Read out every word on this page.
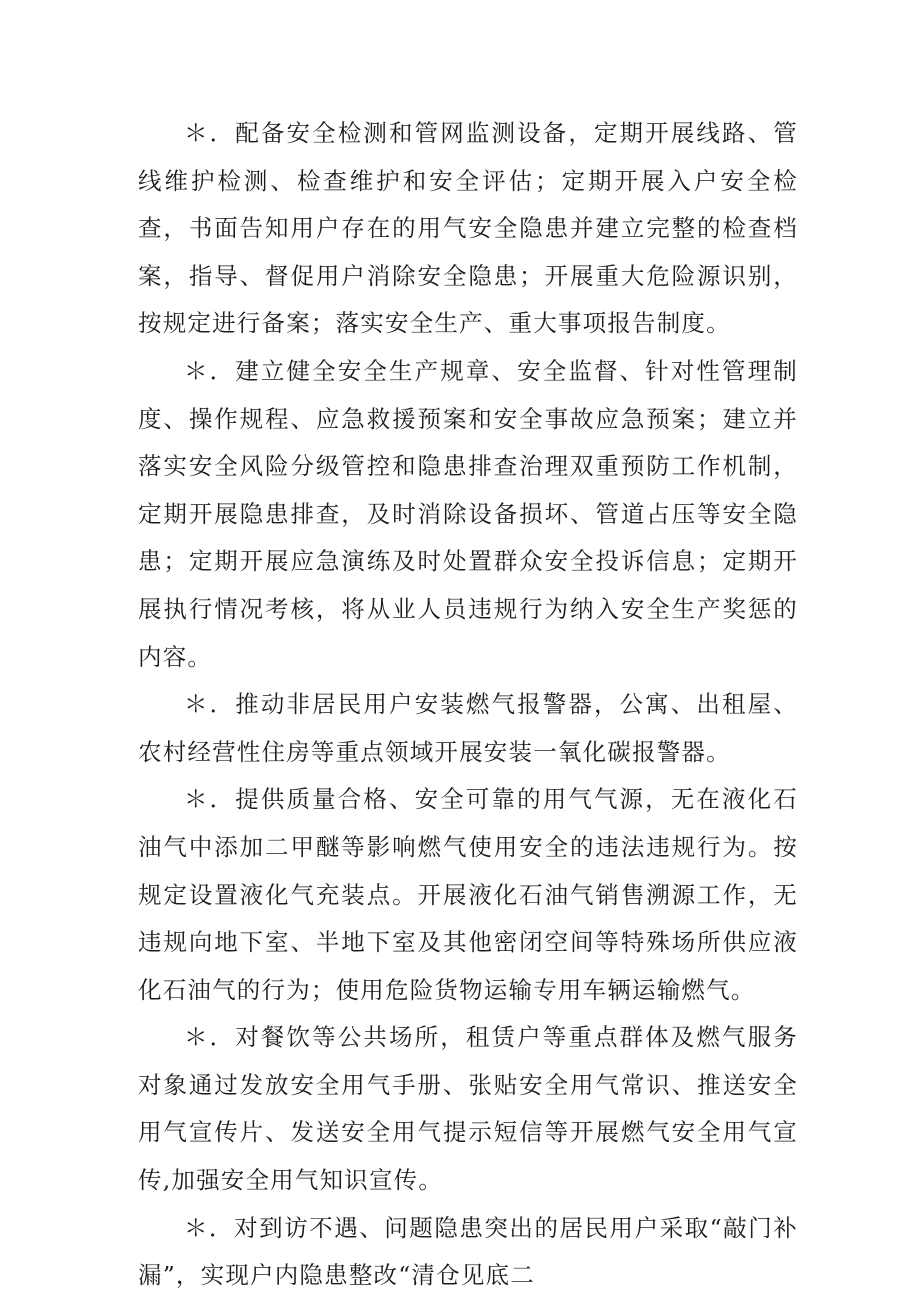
＊．配备安全检测和管网监测设备，定期开展线路、管线维护检测、检查维护和安全评估；定期开展入户安全检查，书面告知用户存在的用气安全隐患并建立完整的检查档案，指导、督促用户消除安全隐患；开展重大危险源识别，按规定进行备案；落实安全生产、重大事项报告制度。

＊．建立健全安全生产规章、安全监督、针对性管理制度、操作规程、应急救援预案和安全事故应急预案；建立并落实安全风险分级管控和隐患排查治理双重预防工作机制，定期开展隐患排查，及时消除设备损坏、管道占压等安全隐患；定期开展应急演练及时处置群众安全投诉信息；定期开展执行情况考核，将从业人员违规行为纳入安全生产奖惩的内容。

＊．推动非居民用户安装燃气报警器，公寓、出租屋、农村经营性住房等重点领域开展安装一氧化碳报警器。

＊．提供质量合格、安全可靠的用气气源，无在液化石油气中添加二甲醚等影响燃气使用安全的违法违规行为。按规定设置液化气充装点。开展液化石油气销售溯源工作，无违规向地下室、半地下室及其他密闭空间等特殊场所供应液化石油气的行为；使用危险货物运输专用车辆运输燃气。

＊．对餐饮等公共场所，租赁户等重点群体及燃气服务对象通过发放安全用气手册、张贴安全用气常识、推送安全用气宣传片、发送安全用气提示短信等开展燃气安全用气宣传,加强安全用气知识宣传。

＊．对到访不遇、问题隐患突出的居民用户采取“敲门补漏”，实现户内隐患整改“清仓见底二
